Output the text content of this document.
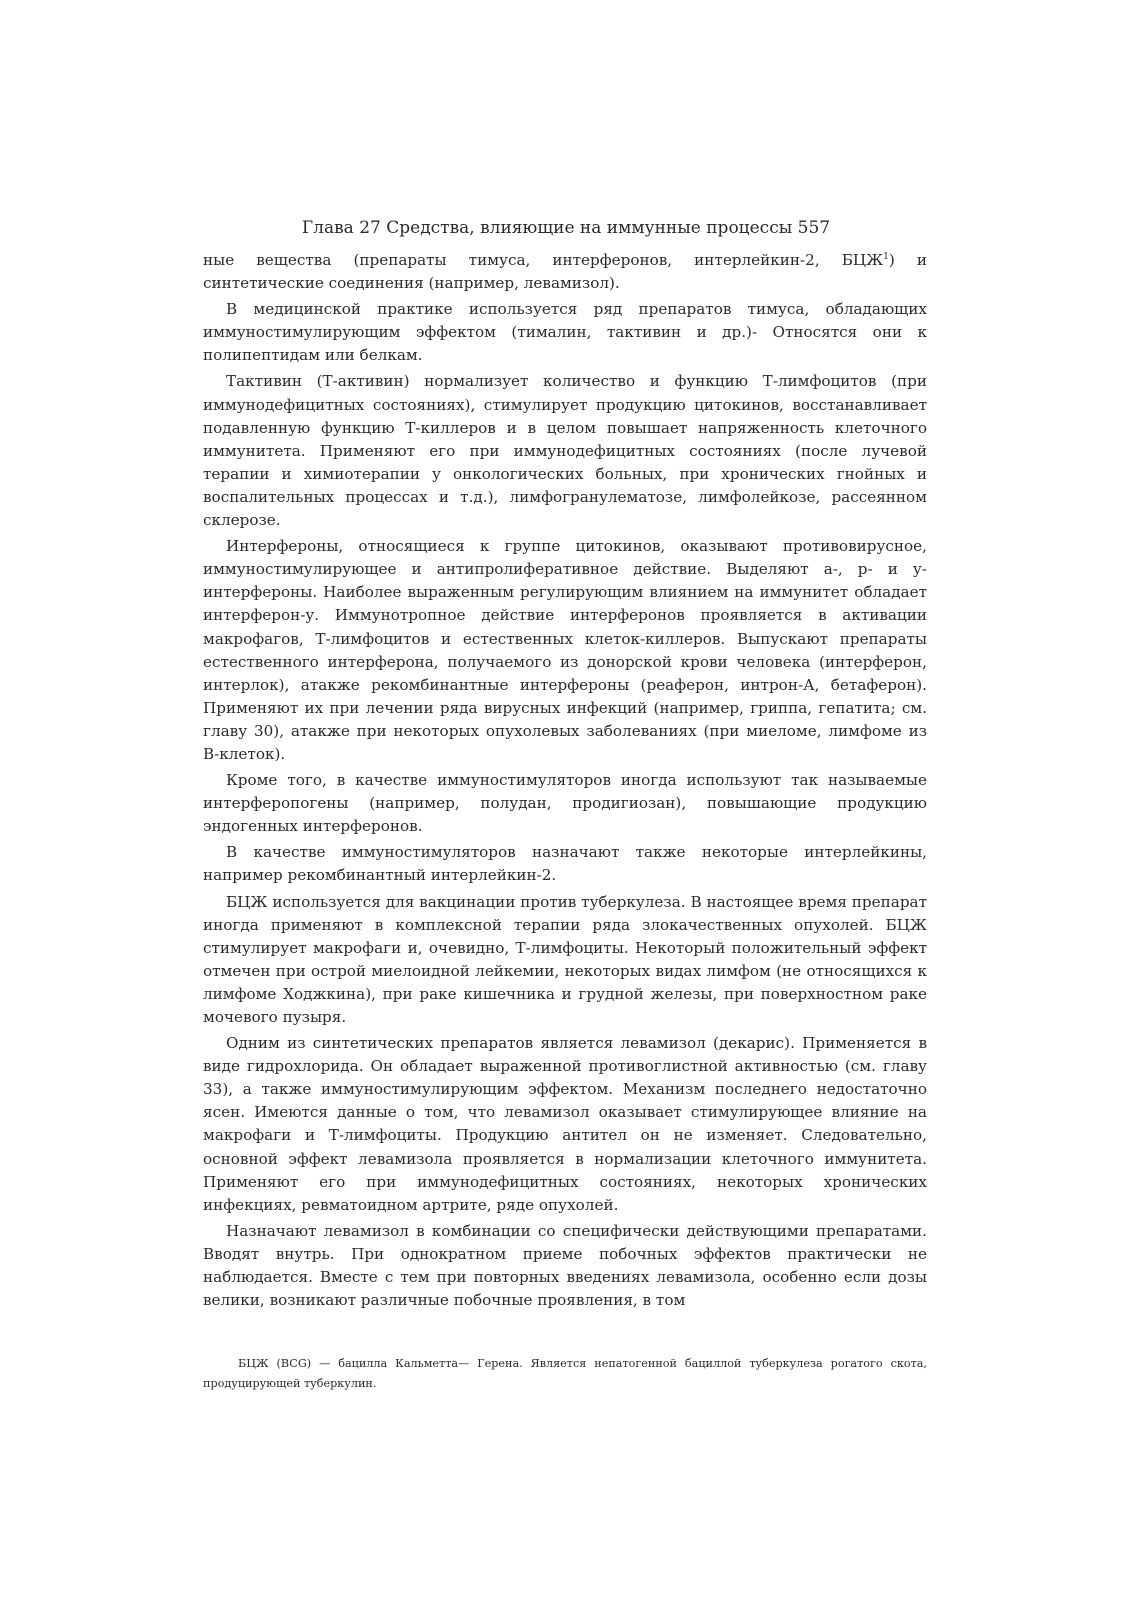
Глава 27 Средства, влияющие на иммунные процессы 557

ные вещества (препараты тимуса, интерферонов, интерлейкин-2, БЦЖ$^1$) и синтетические соединения (например, левамизол).

В медицинской практике используется ряд препаратов тимуса, обладающих иммуностимулирующим эффектом (тималин, тактивин и др.)- Относятся они к полипептидам или белкам.

Тактивин (Т-активин) нормализует количество и функцию Т-лимфоцитов (при иммунодефицитных состояниях), стимулирует продукцию цитокинов, восстанавливает подавленную функцию Т-киллеров и в целом повышает напряженность клеточного иммунитета. Применяют его при иммунодефицитных состояниях (после лучевой терапии и химиотерапии у онкологических больных, при хронических гнойных и воспалительных процессах и т.д.), лимфогранулематозе, лимфолейкозе, рассеянном склерозе.

Интерфероны, относящиеся к группе цитокинов, оказывают противовирусное, иммуностимулирующее и антипролиферативное действие. Выделяют а-, р- и у-интерфероны. Наиболее выраженным регулирующим влиянием на иммунитет обладает интерферон-у. Иммунотропное действие интерферонов проявляется в активации макрофагов, Т-лимфоцитов и естественных клеток-киллеров. Выпускают препараты естественного интерферона, получаемого из донорской крови человека (интерферон, интерлок), атакже рекомбинантные интерфероны (реаферон, интрон-А, бетаферон). Применяют их при лечении ряда вирусных инфекций (например, гриппа, гепатита; см. главу 30), атакже при некоторых опухолевых заболеваниях (при миеломе, лимфоме из В-клеток).

Кроме того, в качестве иммуностимуляторов иногда используют так называемые интерферопогены (например, полудан, продигиозан), повышающие продукцию эндогенных интерферонов.

В качестве иммуностимуляторов назначают также некоторые интерлейкины, например рекомбинантный интерлейкин-2.

БЦЖ используется для вакцинации против туберкулеза. В настоящее время препарат иногда применяют в комплексной терапии ряда злокачественных опухолей. БЦЖ стимулирует макрофаги и, очевидно, Т-лимфоциты. Некоторый положительный эффект отмечен при острой миелоидной лейкемии, некоторых видах лимфом (не относящихся к лимфоме Ходжкина), при раке кишечника и грудной железы, при поверхностном раке мочевого пузыря.

Одним из синтетических препаратов является левамизол (декарис). Применяется в виде гидрохлорида. Он обладает выраженной противоглистной активностью (см. главу 33), а также иммуностимулирующим эффектом. Механизм последнего недостаточно ясен. Имеются данные о том, что левамизол оказывает стимулирующее влияние на макрофаги и Т-лимфоциты. Продукцию антител он не изменяет. Следовательно, основной эффект левамизола проявляется в нормализации клеточного иммунитета. Применяют его при иммунодефицитных состояниях, некоторых хронических инфекциях, ревматоидном артрите, ряде опухолей.

Назначают левамизол в комбинации со специфически действующими препаратами. Вводят внутрь. При однократном приеме побочных эффектов практически не наблюдается. Вместе с тем при повторных введениях левамизола, особенно если дозы велики, возникают различные побочные проявления, в том

БЦЖ (BCG) — бацилла Кальметта— Герена. Является непатогенной бациллой туберкулеза рогатого скота, продуцирующей туберкулин.
